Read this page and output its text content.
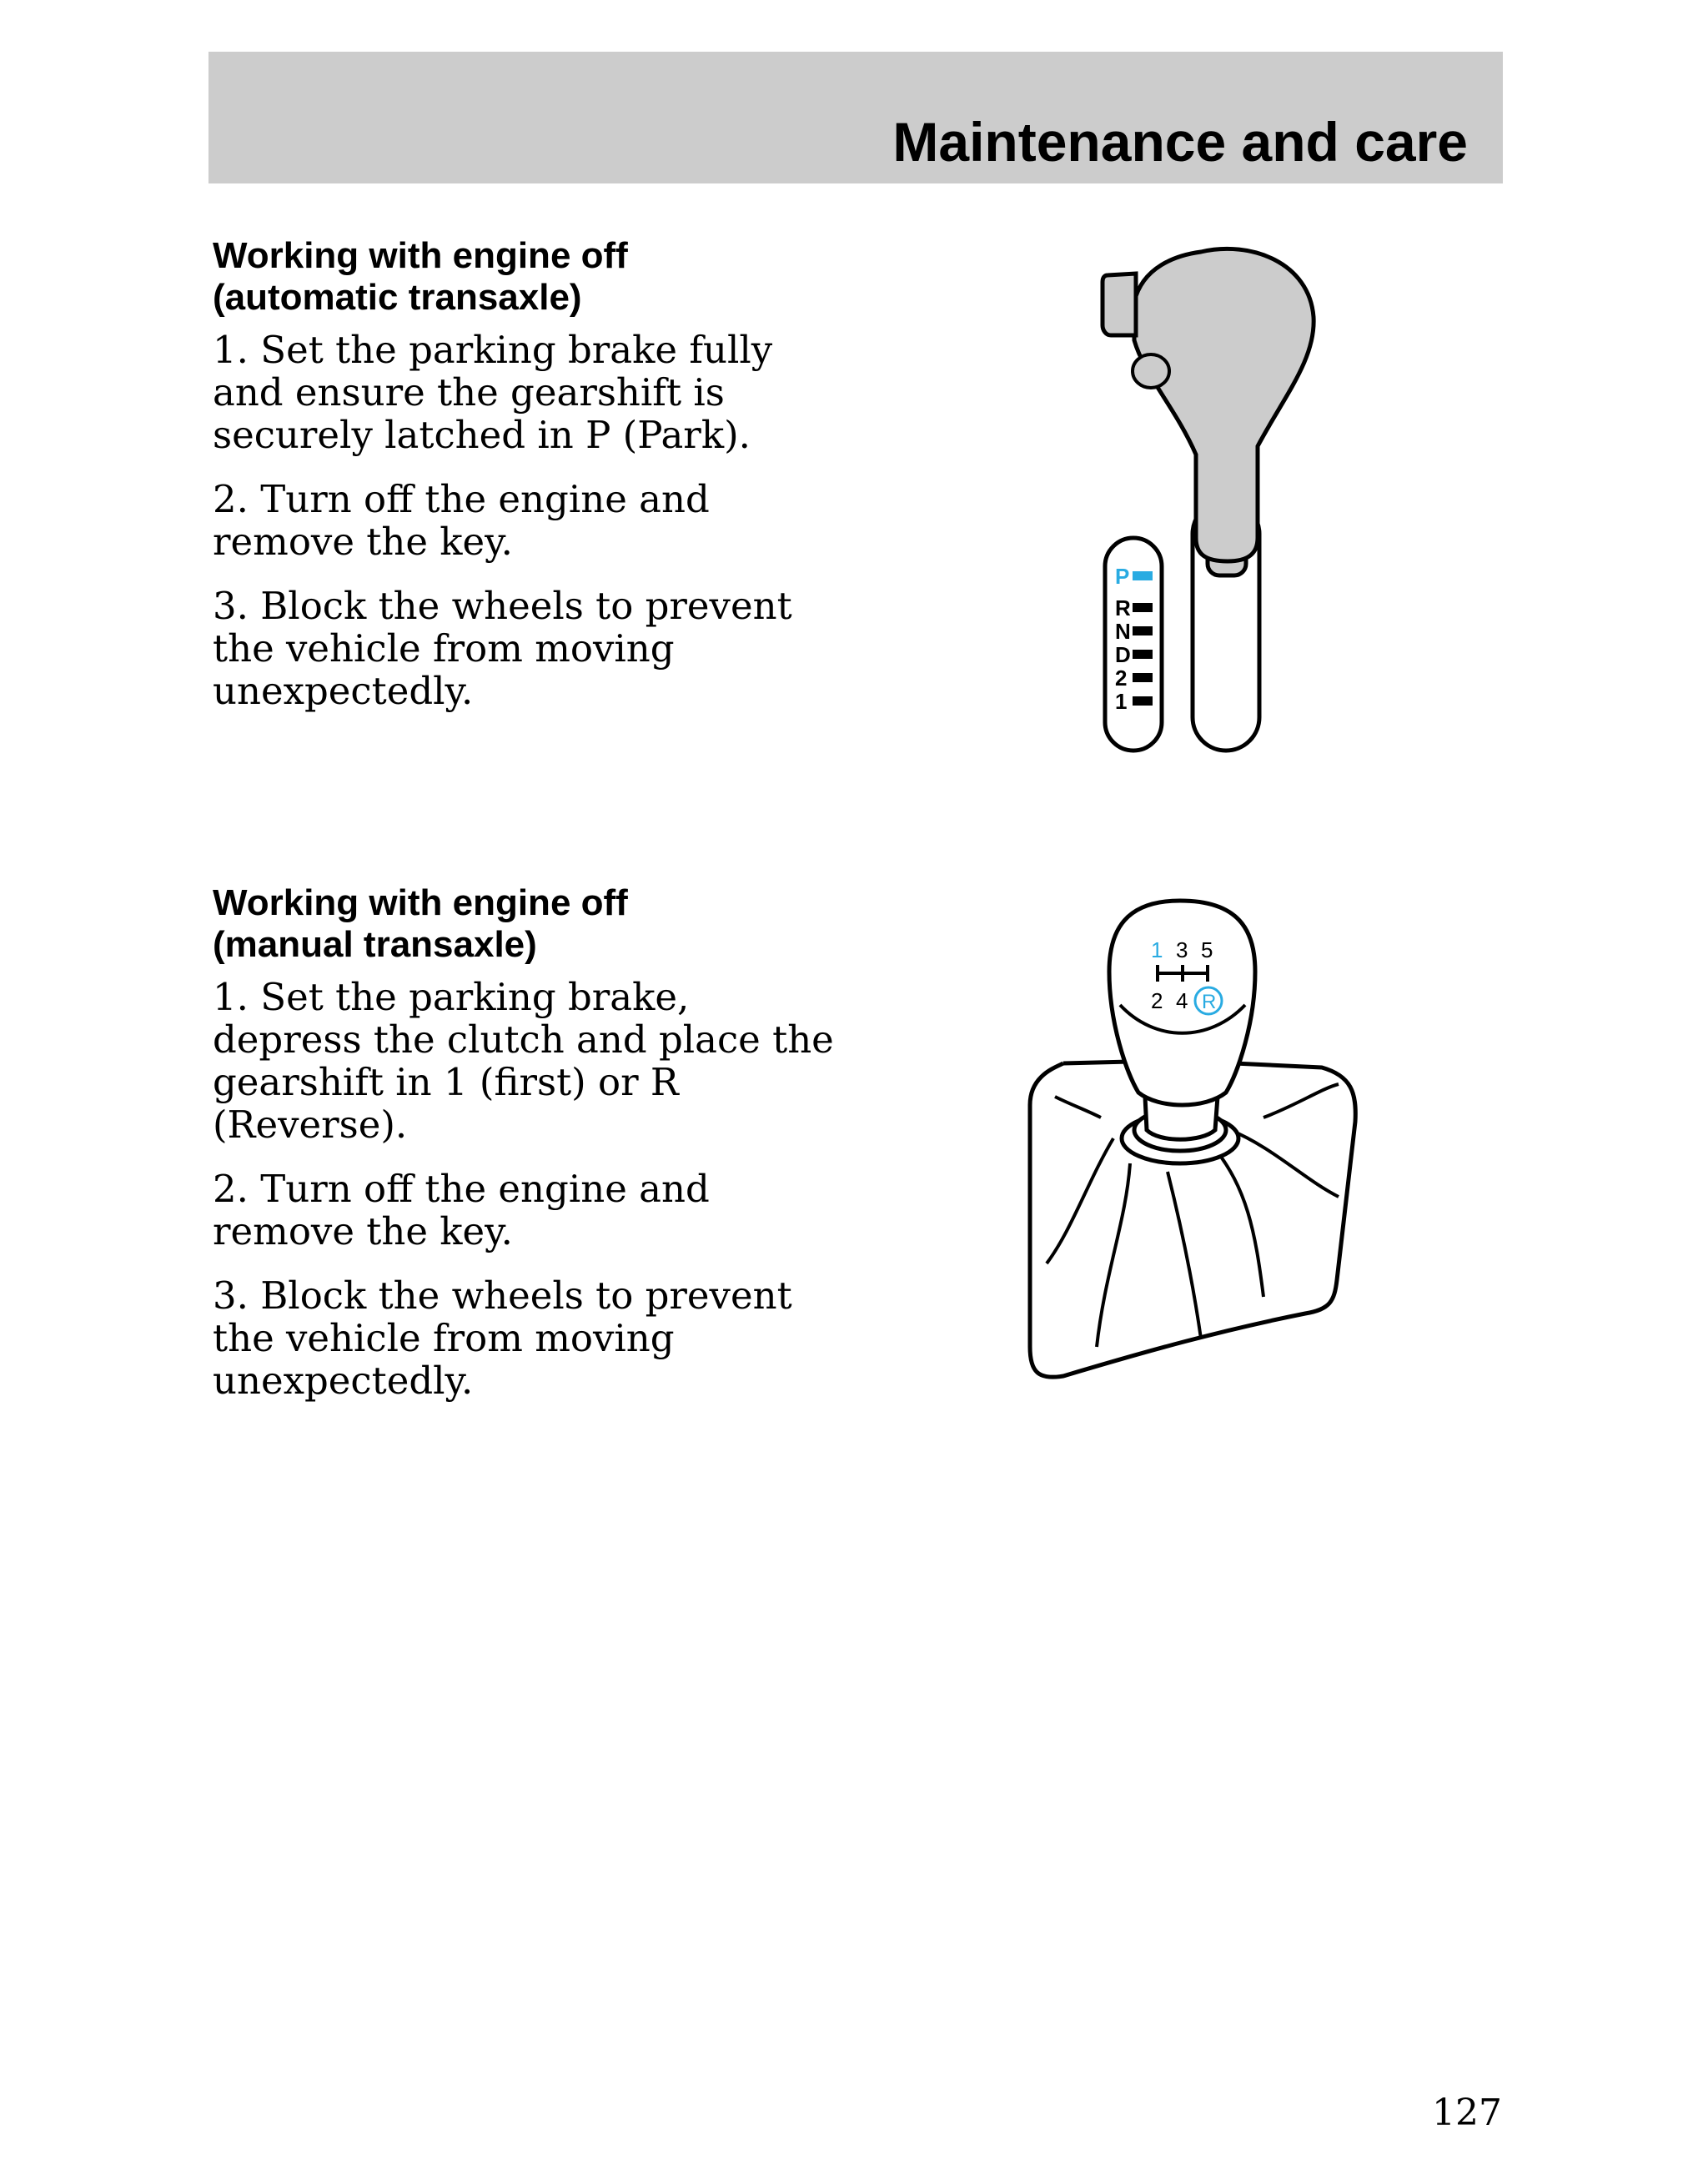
Maintenance and care
Working with engine off
(automatic transaxle)

1. Set the parking brake fully and ensure the gearshift is securely latched in P (Park).

2. Turn off the engine and remove the key.

3. Block the wheels to prevent the vehicle from moving unexpectedly.

P
R
N
D
2
1
Working with engine off
(manual transaxle)

1. Set the parking brake, depress the clutch and place the gearshift in 1 (first) or R (Reverse).

2. Turn off the engine and remove the key.

3. Block the wheels to prevent the vehicle from moving unexpectedly.

1 3 5
2 4 R
127
